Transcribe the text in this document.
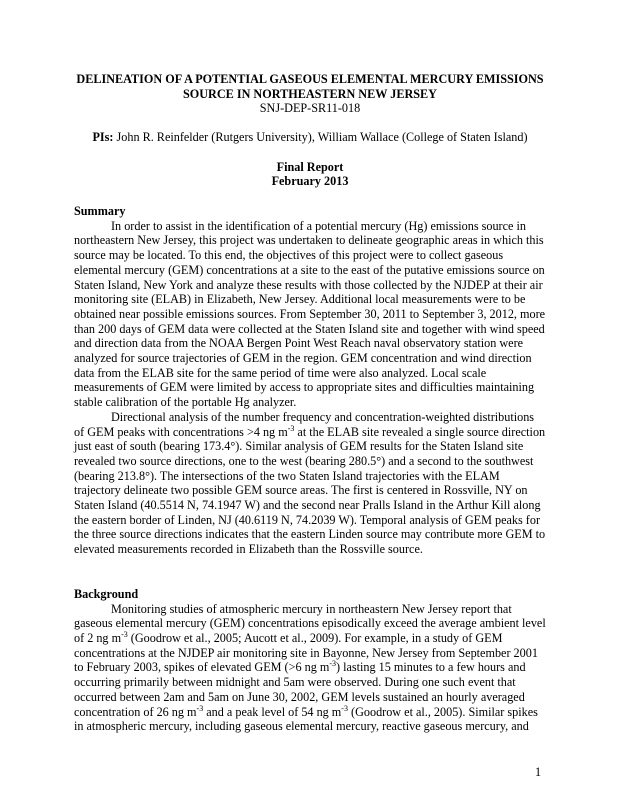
DELINEATION OF A POTENTIAL GASEOUS ELEMENTAL MERCURY EMISSIONS
SOURCE IN NORTHEASTERN NEW JERSEY

SNJ-DEP-SR11-018

PIs: John R. Reinfelder (Rutgers University), William Wallace (College of Staten Island)

Final Report

February 2013

Summary

In order to assist in the identification of a potential mercury (Hg) emissions source in northeastern New Jersey, this project was undertaken to delineate geographic areas in which this source may be located. To this end, the objectives of this project were to collect gaseous elemental mercury (GEM) concentrations at a site to the east of the putative emissions source on Staten Island, New York and analyze these results with those collected by the NJDEP at their air monitoring site (ELAB) in Elizabeth, New Jersey. Additional local measurements were to be obtained near possible emissions sources. From September 30, 2011 to September 3, 2012, more than 200 days of GEM data were collected at the Staten Island site and together with wind speed and direction data from the NOAA Bergen Point West Reach naval observatory station were analyzed for source trajectories of GEM in the region. GEM concentration and wind direction data from the ELAB site for the same period of time were also analyzed. Local scale measurements of GEM were limited by access to appropriate sites and difficulties maintaining stable calibration of the portable Hg analyzer.

Directional analysis of the number frequency and concentration-weighted distributions of GEM peaks with concentrations >4 ng $m^{-3}$ at the ELAB site revealed a single source direction just east of south (bearing 173.4°). Similar analysis of GEM results for the Staten Island site revealed two source directions, one to the west (bearing 280.5°) and a second to the southwest (bearing 213.8°). The intersections of the two Staten Island trajectories with the ELAM trajectory delineate two possible GEM source areas. The first is centered in Rossville, NY on Staten Island (40.5514 N, 74.1947 W) and the second near Pralls Island in the Arthur Kill along the eastern border of Linden, NJ (40.6119 N, 74.2039 W). Temporal analysis of GEM peaks for the three source directions indicates that the eastern Linden source may contribute more GEM to elevated measurements recorded in Elizabeth than the Rossville source.

Background

Monitoring studies of atmospheric mercury in northeastern New Jersey report that gaseous elemental mercury (GEM) concentrations episodically exceed the average ambient level of 2 ng $m^{-3}$ (Goodrow et al., 2005; Aucott et al., 2009). For example, in a study of GEM concentrations at the NJDEP air monitoring site in Bayonne, New Jersey from September 2001 to February 2003, spikes of elevated GEM (>6 ng $m^{-3}$) lasting 15 minutes to a few hours and occurring primarily between midnight and 5am were observed. During one such event that occurred between 2am and 5am on June 30, 2002, GEM levels sustained an hourly averaged concentration of 26 ng $m^{-3}$ and a peak level of 54 ng $m^{-3}$ (Goodrow et al., 2005). Similar spikes in atmospheric mercury, including gaseous elemental mercury, reactive gaseous mercury, and

1
